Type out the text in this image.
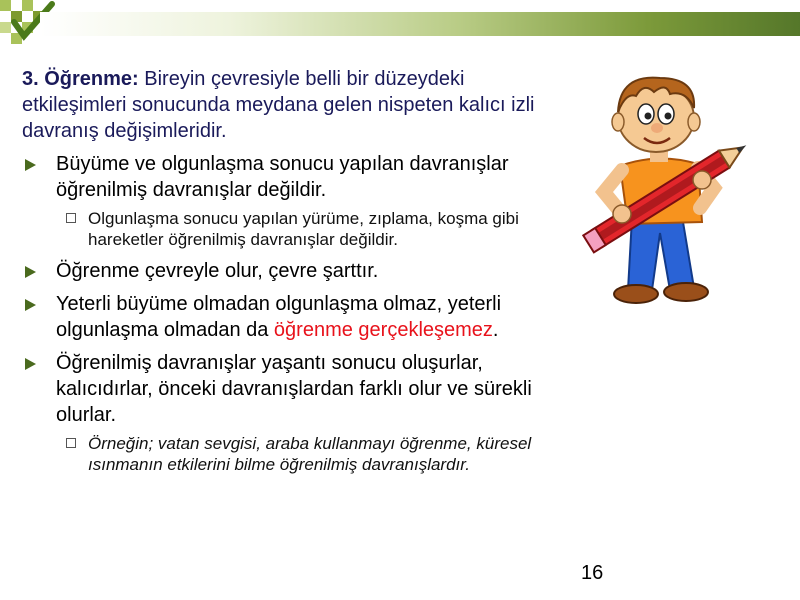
3. Öğrenme: Bireyin çevresiyle belli bir düzeydeki etkileşimleri sonucunda meydana gelen nispeten kalıcı izli davranış değişimleridir.
Büyüme ve olgunlaşma sonucu yapılan davranışlar öğrenilmiş davranışlar değildir.
Olgunlaşma sonucu yapılan yürüme, zıplama, koşma gibi hareketler öğrenilmiş davranışlar değildir.
Öğrenme çevreyle olur, çevre şarttır.
Yeterli büyüme olmadan olgunlaşma olmaz, yeterli olgunlaşma olmadan da öğrenme gerçekleşemez.
Öğrenilmiş davranışlar yaşantı sonucu oluşurlar, kalıcıdırlar, önceki davranışlardan farklı olur ve sürekli olurlar.
Örneğin; vatan sevgisi, araba kullanmayı öğrenme, küresel ısınmanın etkilerini bilme öğrenilmiş davranışlardır.
16
